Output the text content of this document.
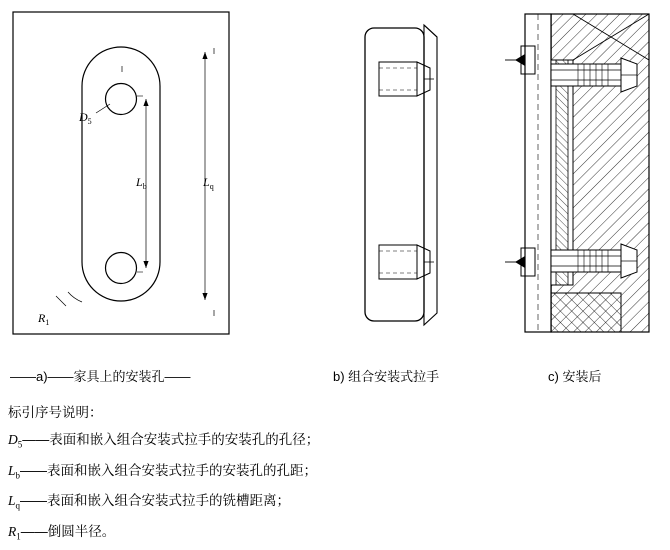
$D_5$
$L_b$	$L_q$
$R_1$
——a)——家具上的安装孔——	b) 组合安装式拉手	c) 安装后
标引序号说明：
$D_5——$表面和嵌入组合安装式拉手的安装孔的孔径；
$L_b——$表面和嵌入组合安装式拉手的安装孔的孔距；
$L_q——$表面和嵌入组合安装式拉手的铣槽距离；
$R_1——$倒圆半径。
